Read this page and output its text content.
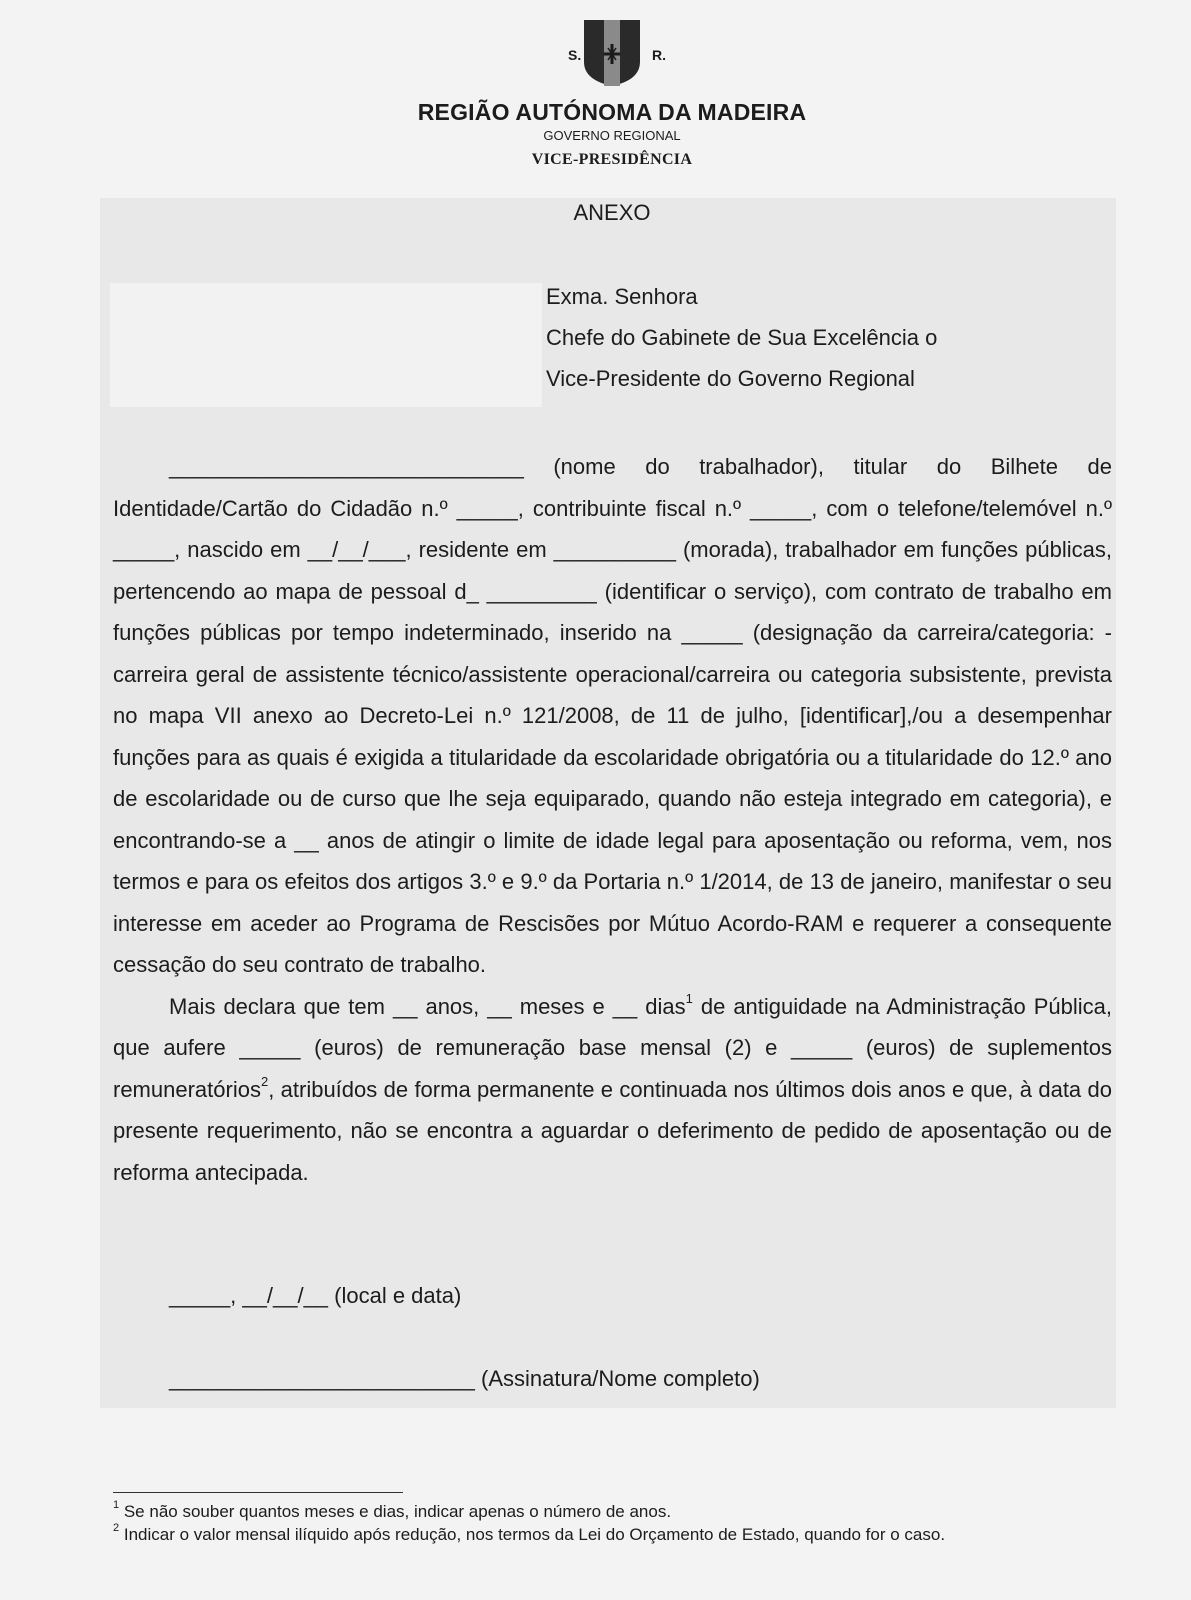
S.	R.
REGIÃO AUTÓNOMA DA MADEIRA
GOVERNO REGIONAL
VICE-PRESIDÊNCIA
ANEXO
Exma. Senhora
Chefe do Gabinete de Sua Excelência o
Vice-Presidente do Governo Regional

_____________________________ (nome do trabalhador), titular do Bilhete de Identidade/Cartão do Cidadão n.º _____, contribuinte fiscal n.º _____, com o telefone/telemóvel n.º _____, nascido em __/__/___, residente em __________ (morada), trabalhador em funções públicas, pertencendo ao mapa de pessoal d_ _________ (identificar o serviço), com contrato de trabalho em funções públicas por tempo indeterminado, inserido na _____ (designação da carreira/categoria: - carreira geral de assistente técnico/assistente operacional/carreira ou categoria subsistente, prevista no mapa VII anexo ao Decreto-Lei n.º 121/2008, de 11 de julho, [identificar],/ou a desempenhar funções para as quais é exigida a titularidade da escolaridade obrigatória ou a titularidade do 12.º ano de escolaridade ou de curso que lhe seja equiparado, quando não esteja integrado em categoria), e encontrando-se a __ anos de atingir o limite de idade legal para aposentação ou reforma, vem, nos termos e para os efeitos dos artigos 3.º e 9.º da Portaria n.º 1/2014, de 13 de janeiro, manifestar o seu interesse em aceder ao Programa de Rescisões por Mútuo Acordo-RAM e requerer a consequente cessação do seu contrato de trabalho.

Mais declara que tem __ anos, __ meses e __ dias$^1$ de antiguidade na Administração Pública, que aufere _____ (euros) de remuneração base mensal (2) e _____ (euros) de suplementos remuneratórios$^2$, atribuídos de forma permanente e continuada nos últimos dois anos e que, à data do presente requerimento, não se encontra a aguardar o deferimento de pedido de aposentação ou de reforma antecipada.

_____, __/__/__ (local e data)
_________________________ (Assinatura/Nome completo)
$^1$ Se não souber quantos meses e dias, indicar apenas o número de anos.
$^2$ Indicar o valor mensal ilíquido após redução, nos termos da Lei do Orçamento de Estado, quando for o caso.
